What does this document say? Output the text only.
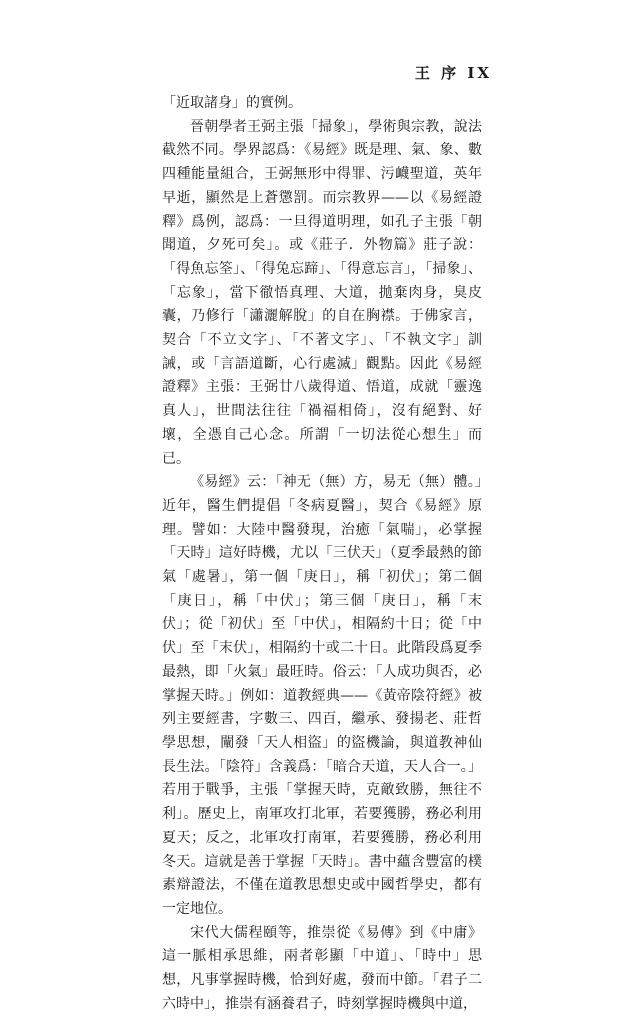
王 序 IX

「近取諸身」的實例。

晉朝學者王弼主張「掃象」，學術與宗教，說法截然不同。學界認爲：《易經》既是理、氣、象、數四種能量組合，王弼無形中得罪、污衊聖道，英年早逝，顯然是上蒼懲罰。而宗教界——以《易經證釋》爲例，認爲：一旦得道明理，如孔子主張「朝聞道，夕死可矣」。或《莊子．外物篇》莊子說：「得魚忘筌」、「得兔忘蹄」、「得意忘言」，「掃象」、「忘象」，當下徹悟真理、大道，拋棄肉身，臭皮囊，乃修行「瀟灑解脫」的自在胸襟。于佛家言，契合「不立文字」、「不著文字」、「不執文字」訓誡，或「言語道斷，心行處滅」觀點。因此《易經證釋》主張：王弼廿八歲得道、悟道，成就「靈逸真人」，世間法往往「禍福相倚」，沒有絕對、好壞，全憑自己心念。所謂「一切法從心想生」而已。

《易經》云：「神无（無）方，易无（無）體。」近年，醫生們提倡「冬病夏醫」，契合《易經》原理。譬如：大陸中醫發現，治癒「氣喘」，必掌握「天時」這好時機，尤以「三伏天」（夏季最熱的節氣「處暑」，第一個「庚日」，稱「初伏」；第二個「庚日」，稱「中伏」；第三個「庚日」，稱「末伏」；從「初伏」至「中伏」，相隔約十日；從「中伏」至「末伏」，相隔約十或二十日。此階段爲夏季最熱，即「火氣」最旺時。俗云：「人成功與否，必掌握天時。」例如：道教經典——《黃帝陰符經》被列主要經書，字數三、四百，繼承、發揚老、莊哲學思想，闡發「天人相盜」的盜機論，與道教神仙長生法。「陰符」含義爲：「暗合天道，天人合一。」若用于戰爭，主張「掌握天時，克敵致勝，無往不利」。歷史上，南軍攻打北軍，若要獲勝，務必利用夏天；反之，北軍攻打南軍，若要獲勝，務必利用冬天。這就是善于掌握「天時」。書中蘊含豐富的樸素辯證法，不僅在道教思想史或中國哲學史，都有一定地位。

宋代大儒程頤等，推崇從《易傳》到《中庸》這一脈相承思維，兩者彰顯「中道」、「時中」思想，凡事掌握時機，恰到好處，發而中節。「君子二六時中」，推崇有涵養君子，時刻掌握時機與中道，
